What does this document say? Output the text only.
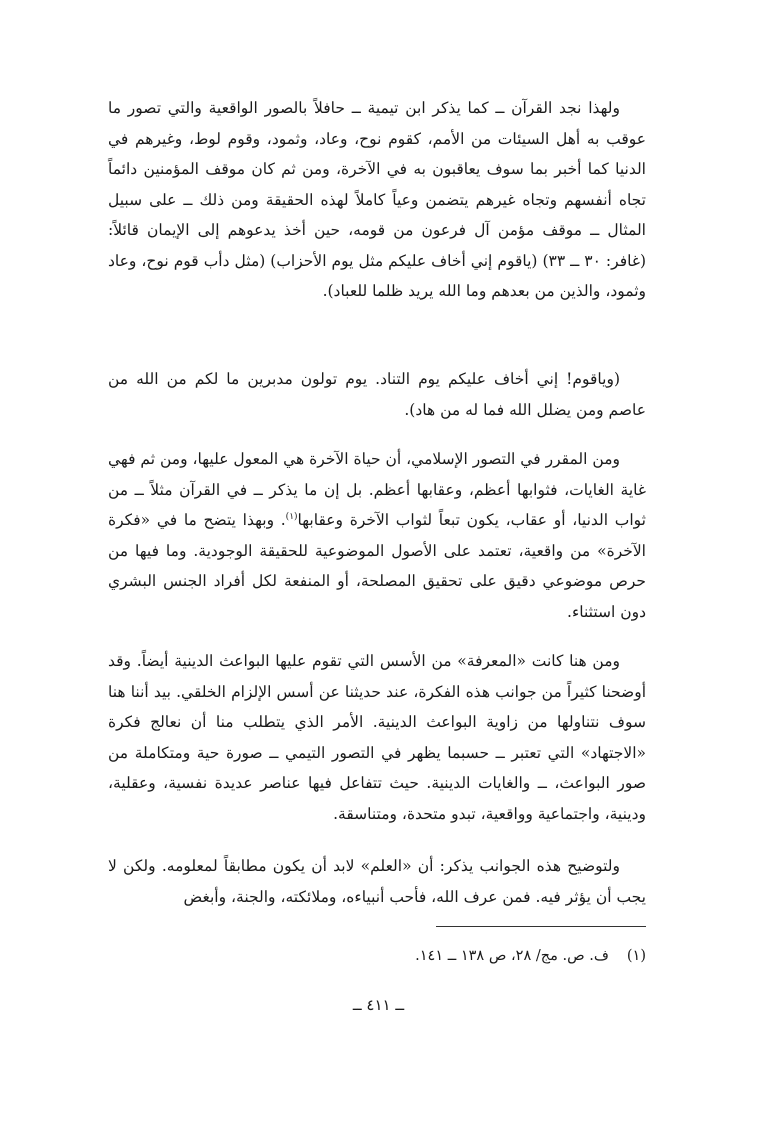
ولهذا نجد القرآن ــ كما يذكر ابن تيمية ــ حافلاً بالصور الواقعية والتي تصور ما عوقب به أهل السيئات من الأمم، كقوم نوح، وعاد، وثمود، وقوم لوط، وغيرهم في الدنيا كما أخبر بما سوف يعاقبون به في الآخرة، ومن ثم كان موقف المؤمنين دائماً تجاه أنفسهم وتجاه غيرهم يتضمن وعياً كاملاً لهذه الحقيقة ومن ذلك ــ على سبيل المثال ــ موقف مؤمن آل فرعون من قومه، حين أخذ يدعوهم إلى الإيمان قائلاً: (غافر: ٣٠ ــ ٣٣) (ياقوم إني أخاف عليكم مثل يوم الأحزاب) (مثل دأب قوم نوح، وعاد وثمود، والذين من بعدهم وما الله يريد ظلما للعباد).

(وياقوم! إني أخاف عليكم يوم التناد. يوم تولون مدبرين ما لكم من الله من عاصم ومن يضلل الله فما له من هاد).

ومن المقرر في التصور الإسلامي، أن حياة الآخرة هي المعول عليها، ومن ثم فهي غاية الغايات، فثوابها أعظم، وعقابها أعظم. بل إن ما يذكر ــ في القرآن مثلاً ــ من ثواب الدنيا، أو عقاب، يكون تبعاً لثواب الآخرة وعقابها$^{(١)}$. وبهذا يتضح ما في «فكرة الآخرة» من واقعية، تعتمد على الأصول الموضوعية للحقيقة الوجودية. وما فيها من حرص موضوعي دقيق على تحقيق المصلحة، أو المنفعة لكل أفراد الجنس البشري دون استثناء.

ومن هنا كانت «المعرفة» من الأسس التي تقوم عليها البواعث الدينية أيضاً. وقد أوضحنا كثيراً من جوانب هذه الفكرة، عند حديثنا عن أسس الإلزام الخلقي. بيد أننا هنا سوف نتناولها من زاوية البواعث الدينية. الأمر الذي يتطلب منا أن نعالج فكرة «الاجتهاد» التي تعتبر ــ حسبما يظهر في التصور التيمي ــ صورة حية ومتكاملة من صور البواعث، ــ والغايات الدينية. حيث تتفاعل فيها عناصر عديدة نفسية، وعقلية، ودينية، واجتماعية وواقعية، تبدو متحدة، ومتناسقة.

ولتوضيح هذه الجوانب يذكر: أن «العلم» لابد أن يكون مطابقاً لمعلومه. ولكن لا يجب أن يؤثر فيه. فمن عرف الله، فأحب أنبياءه، وملائكته، والجنة، وأبغض

(١)ف. ص. مج/ ٢٨، ص ١٣٨ ــ ١٤١.
ــ ٤١١ ــ
